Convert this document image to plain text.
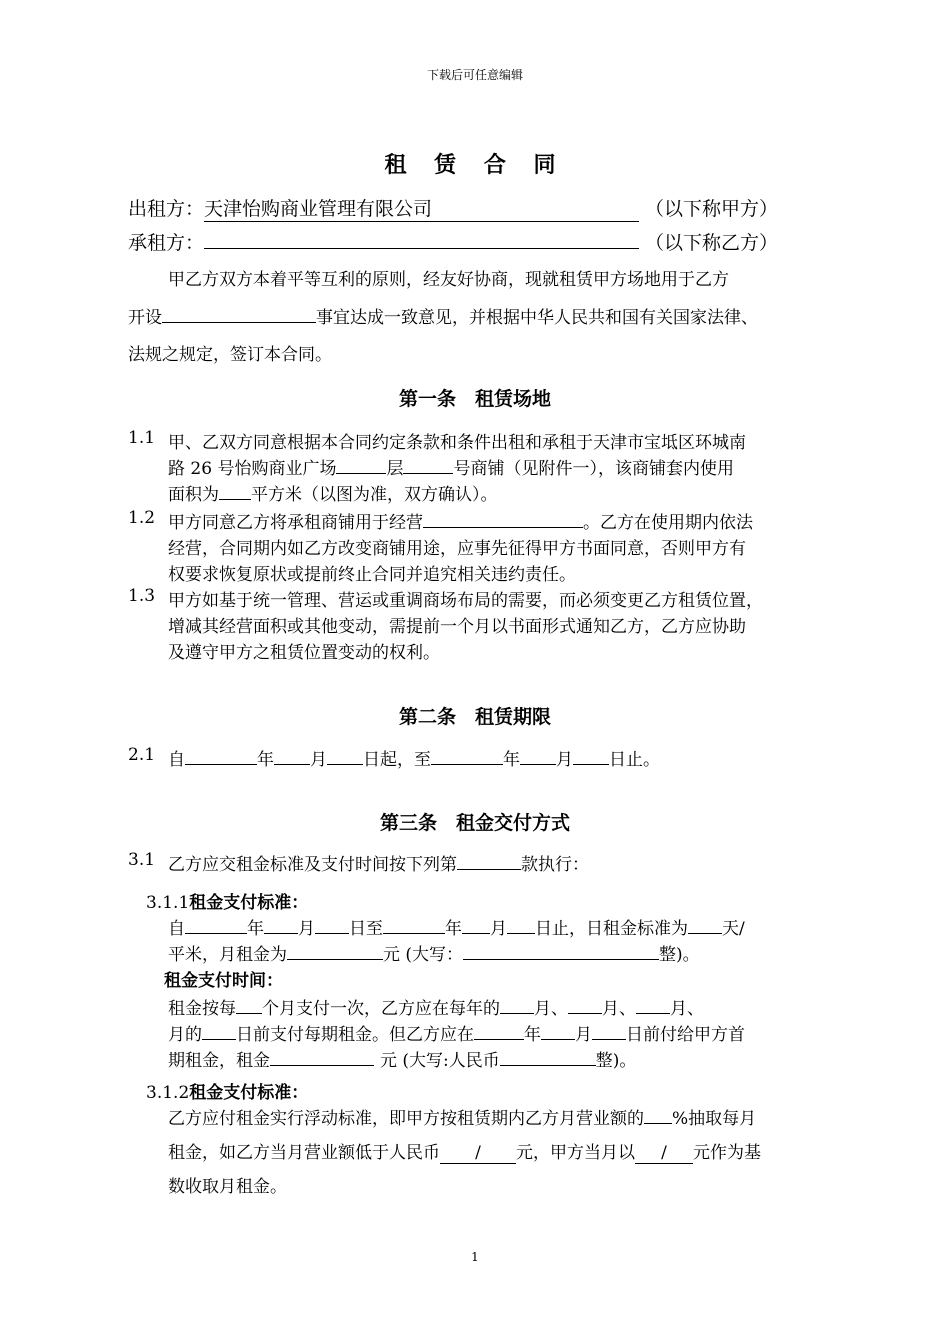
下载后可任意编辑
租 赁 合 同
出租方：天津怡购商业管理有限公司	（以下称甲方）
承租方：	（以下称乙方）
甲乙方双方本着平等互利的原则，经友好协商，现就租赁甲方场地用于乙方
开设	事宜达成一致意见，并根据中华人民共和国有关国家法律、
法规之规定，签订本合同。
第一条　租赁场地
1.1 甲、乙双方同意根据本合同约定条款和条件出租和承租于天津市宝坻区环城南
路 26 号怡购商业广场	层	号商铺（见附件一），该商铺套内使用
面积为 平方米（以图为准，双方确认）。
1.2 甲方同意乙方将承租商铺用于经营	。乙方在使用期内依法
经营，合同期内如乙方改变商铺用途，应事先征得甲方书面同意，否则甲方有
权要求恢复原状或提前终止合同并追究相关违约责任。
1.3 甲方如基于统一管理、营运或重调商场布局的需要，而必须变更乙方租赁位置，
增减其经营面积或其他变动，需提前一个月以书面形式通知乙方，乙方应协助
及遵守甲方之租赁位置变动的权利。
第二条　租赁期限
2.1 自	年 月 日起，至	年 月 日止。
第三条　租金交付方式
3.1 乙方应交租金标准及支付时间按下列第	款执行：
3.1.1租金支付标准：
自	年 月 日至	年 月 日止，日租金标准为 天/
平米，月租金为	元 (大写：	整)。
租金支付时间：
租金按每 个月支付一次，乙方应在每年的 月、 月、 月、
月的 日前支付每期租金。但乙方应在	年 月 日前付给甲方首
期租金，租金	元 (大写:人民币	整)。
3.1.2租金支付标准：
乙方应付租金实行浮动标准，即甲方按租赁期内乙方月营业额的 %抽取每月
租金，如乙方当月营业额低于人民币 / 元，甲方当月以 / 元作为基
数收取月租金。
1
